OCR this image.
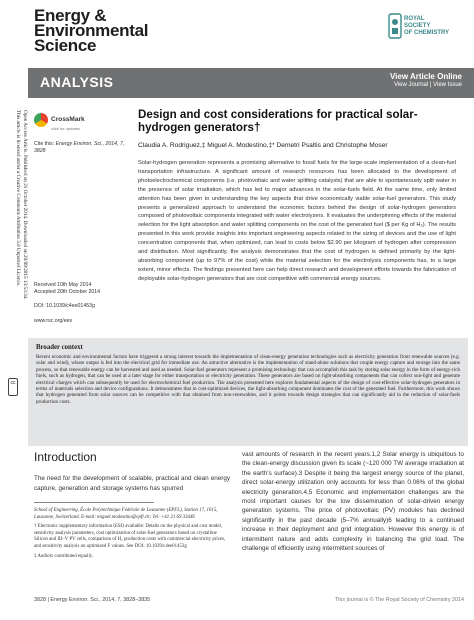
Energy &
Environmental
Science
ROYAL SOCIETY
OF CHEMISTRY
ANALYSIS	View Article Online
View Journal | View Issue
Open Access Article. Published on 21 October 2014. Downloaded on 20/09/2015 13:53:34.
This article is licensed under a Creative Commons Attribution 3.0 Unported Licence.
cc
CrossMark
click for updates
Cite this: Energy Environ. Sci., 2014, 7, 3828
Received 10th May 2014
Accepted 20th October 2014
DOI: 10.1039/c4ee01453g
www.rsc.org/ees
Design and cost considerations for practical solar-hydrogen generators†
Claudia A. Rodriguez,‡ Miguel A. Modestino,‡* Demetri Psaltis and Christophe Moser
Solar-hydrogen generation represents a promising alternative to fossil fuels for the large-scale implementation of a clean-fuel transportation infrastructure. A significant amount of research resources has been allocated to the development of photoelectrochemical components (i.e. photovoltaic and water splitting catalysts) that are able to spontaneously split water in the presence of solar irradiation, which has led to major advances in the solar-fuels field. At the same time, only limited attention has been given to understanding the key aspects that drive economically viable solar-fuel generators. This study presents a generalized approach to understand the economic factors behind the design of solar-hydrogen generators composed of photovoltaic components integrated with water electrolyzers. It evaluates the underpinning effects of the material selection for the light absorption and water splitting components on the cost of the generated fuel ($ per Kg of H₂). The results presented in this work provide insights into important engineering aspects related to the sizing of devices and the use of light concentration components that, when optimized, can lead to costs below $2.90 per kilogram of hydrogen after compression and distribution. Most significantly, the analysis demonstrates that the cost of hydrogen is defined primarily by the light-absorbing component (up to 97% of the cost) while the material selection for the electrolysis components has, to a large extent, minor effects. The findings presented here can help direct research and development efforts towards the fabrication of deployable solar-hydrogen generators that are cost competitive with commercial energy sources.
Broader context
Recent economic and environmental factors have triggered a strong interest towards the implementation of clean-energy generation technologies such as electricity generation from renewable sources (e.g. solar and wind), whose output is fed into the electrical grid for immediate use. An attractive alternative is the implementation of stand-alone solutions that couple energy capture and storage into the same process, so that renewable energy can be harvested and used as needed. Solar-fuel generators represent a promising technology that can accomplish this task by storing solar energy in the form of energy-rich fuels, such as hydrogen, that can be used at a later stage for either transportation or electricity generation. These generators are based on light-absorbing components that can collect sun-light and generate electrical charges which can subsequently be used for electrochemical fuel production. The analysis presented here explores fundamental aspects of the design of cost-effective solar-hydrogen generators in terms of materials selection and device configurations. It demonstrates that in cost-optimized devices, the light-absorbing component dominates the cost of the generated fuel. Furthermore, this work shows that hydrogen generated from solar sources can be competitive with that obtained from non-renewables, and it points towards design strategies that can significantly aid in the reduction of solar-fuels production costs.
Introduction
The need for the development of scalable, practical and clean energy capture, generation and storage systems has spurred
School of Engineering, École Polytechnique Fédérale de Lausanne (EPFL), Station 17, 1015, Lausanne, Switzerland. E-mail: miguel.modestino@epfl.ch; Tel: +41 21 69 33446
† Electronic supplementary information (ESI) available: Details on the physical and cost model, sensitivity analysis parameters, cost optimization of solar-fuel generators based on crystalline Silicon and III–V PV cells, comparison of H₂ production costs with commercial electricity prices, and sensitivity analysis on optimized F values. See DOI: 10.1039/c4ee01453g
‡ Authors contributed equally.
vast amounts of research in the recent years.1,2 Solar energy is ubiquitous to the clean-energy discussion given its scale (~120 000 TW average irradiation at the earth's surface).3 Despite it being the largest energy source of the planet, direct solar-energy utilization only accounts for less than 0.06% of the global electricity generation.4,5 Economic and implementation challenges are the most important causes for the low dissemination of solar-driven energy generation systems. The price of photovoltaic (PV) modules has declined significantly in the past decade (5–7% annually)6 leading to a continued increase in their deployment and grid integration. However this energy is of intermittent nature and adds complexity in balancing the grid load. The challenge of efficiently using intermittent sources of
3828 | Energy Environ. Sci., 2014, 7, 3828–3835	This journal is © The Royal Society of Chemistry 2014
